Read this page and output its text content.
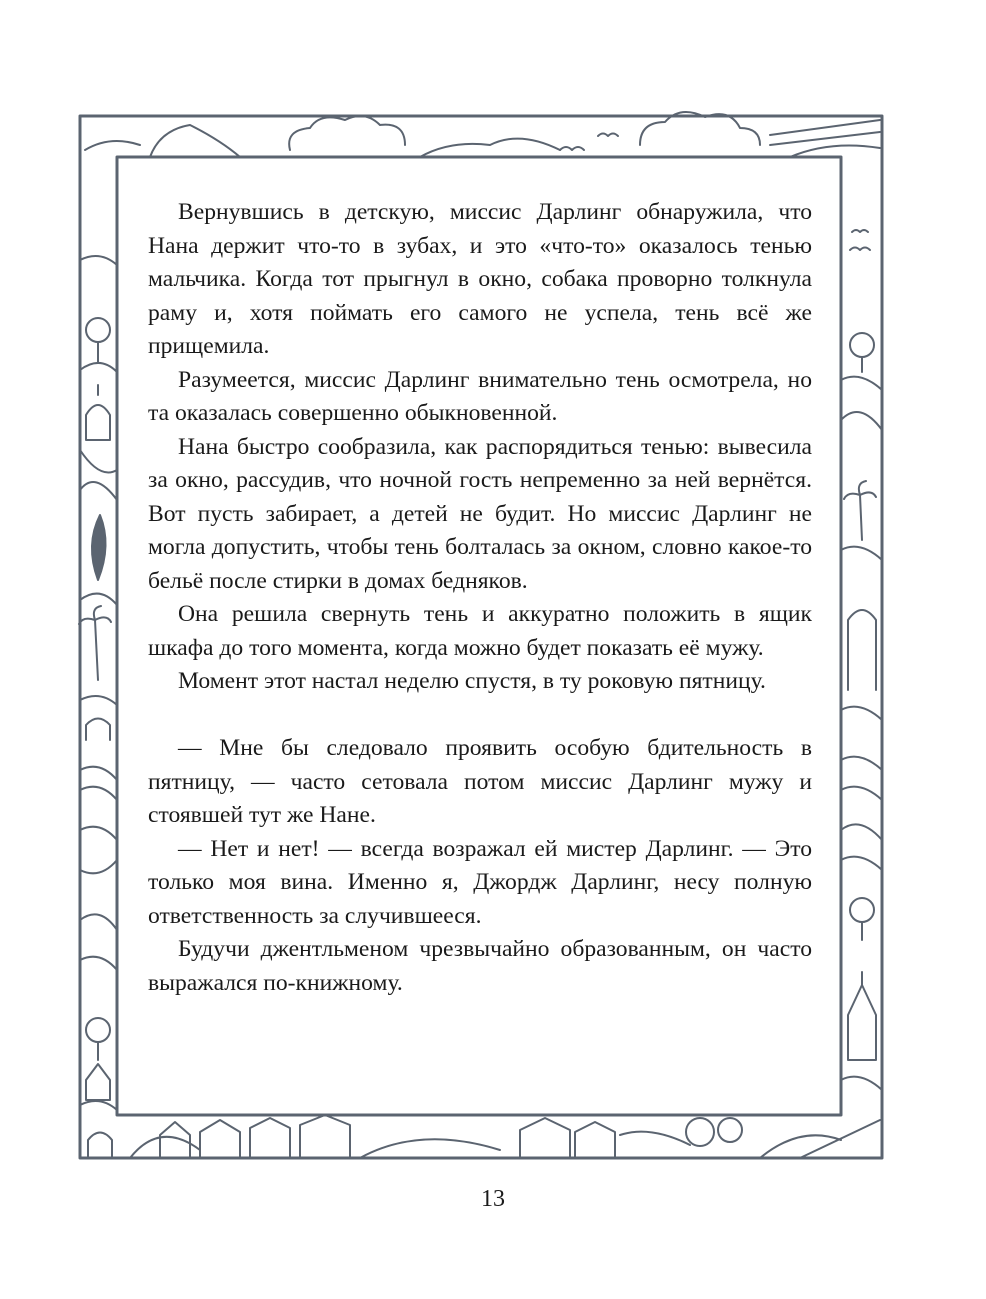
Вернувшись в детскую, миссис Дарлинг обнаружила, что Нана держит что-то в зубах, и это «что-то» оказалось тенью мальчика. Когда тот прыгнул в окно, собака проворно толкнула раму и, хотя поймать его самого не успела, тень всё же прищемила.

Разумеется, миссис Дарлинг внимательно тень осмотрела, но та оказалась совершенно обыкновенной.

Нана быстро сообразила, как распорядиться тенью: вывесила за окно, рассудив, что ночной гость непременно за ней вернётся. Вот пусть забирает, а детей не будит. Но миссис Дарлинг не могла допустить, чтобы тень болталась за окном, словно какое-то бельё после стирки в домах бедняков.

Она решила свернуть тень и аккуратно положить в ящик шкафа до того момента, когда можно будет показать её мужу.

Момент этот настал неделю спустя, в ту роковую пятницу.

— Мне бы следовало проявить особую бдительность в пятницу, — часто сетовала потом миссис Дарлинг мужу и стоявшей тут же Нане.

— Нет и нет! — всегда возражал ей мистер Дарлинг. — Это только моя вина. Именно я, Джордж Дарлинг, несу полную ответственность за случившееся.

Будучи джентльменом чрезвычайно образованным, он часто выражался по-книжному.

13
